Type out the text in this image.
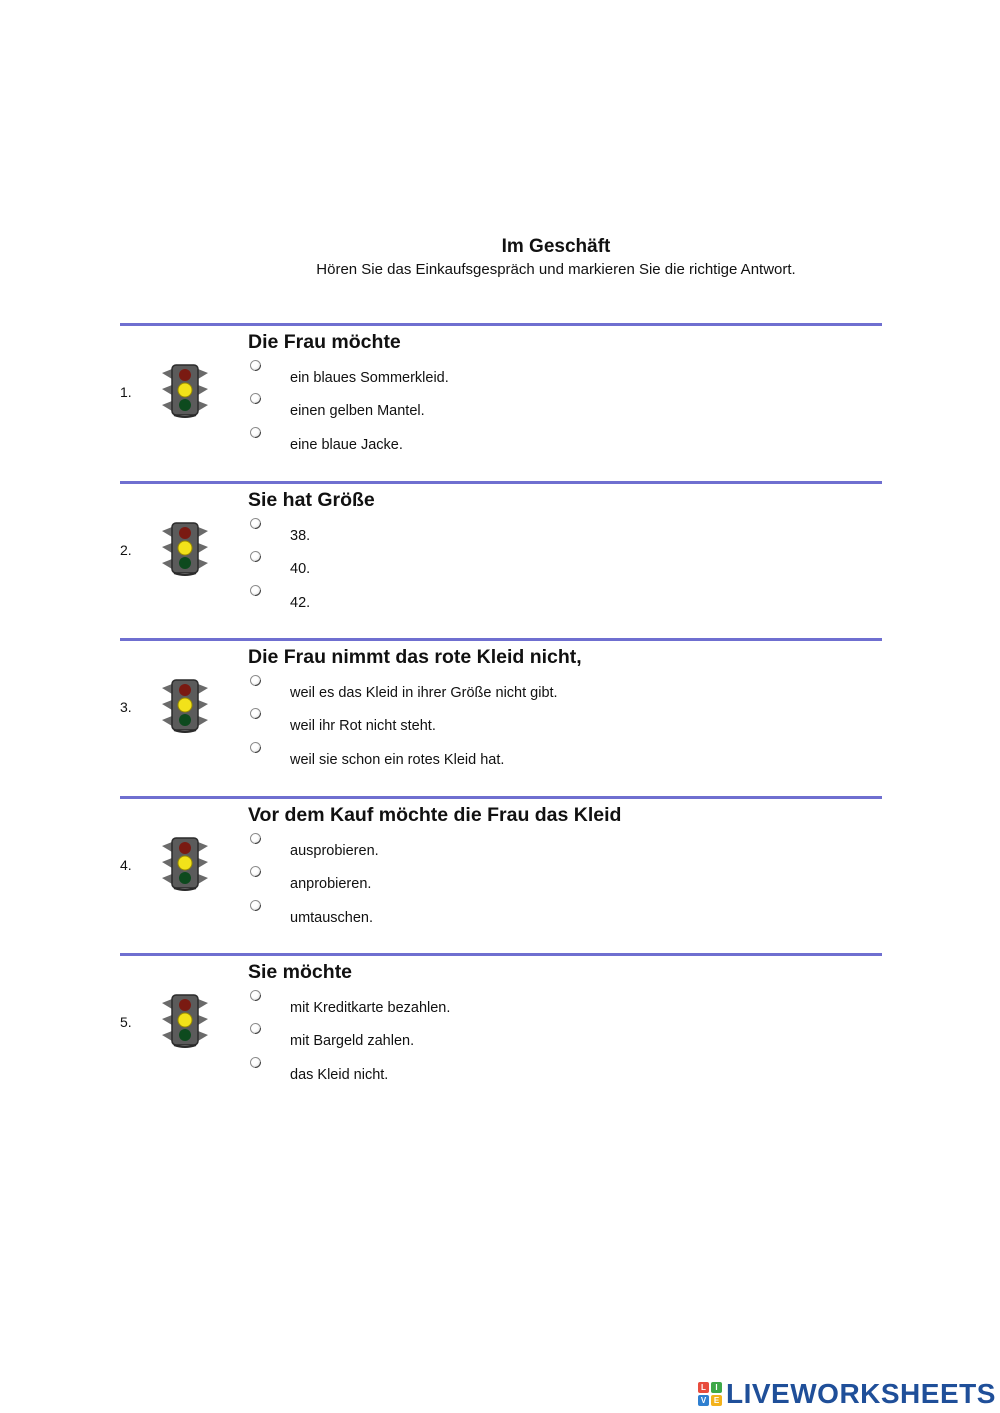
Im Geschäft
Hören Sie das Einkaufsgespräch und markieren Sie die richtige Antwort.
1.
Die Frau möchte
ein blaues Sommerkleid.
einen gelben Mantel.
eine blaue Jacke.
2.
Sie hat Größe
38.
40.
42.
3.
Die Frau nimmt das rote Kleid nicht,
weil es das Kleid in ihrer Größe nicht gibt.
weil ihr Rot nicht steht.
weil sie schon ein rotes Kleid hat.
4.
Vor dem Kauf möchte die Frau das Kleid
ausprobieren.
anprobieren.
umtauschen.
5.
Sie möchte
mit Kreditkarte bezahlen.
mit Bargeld zahlen.
das Kleid nicht.
L	I
V E LIVEWORKSHEETS
